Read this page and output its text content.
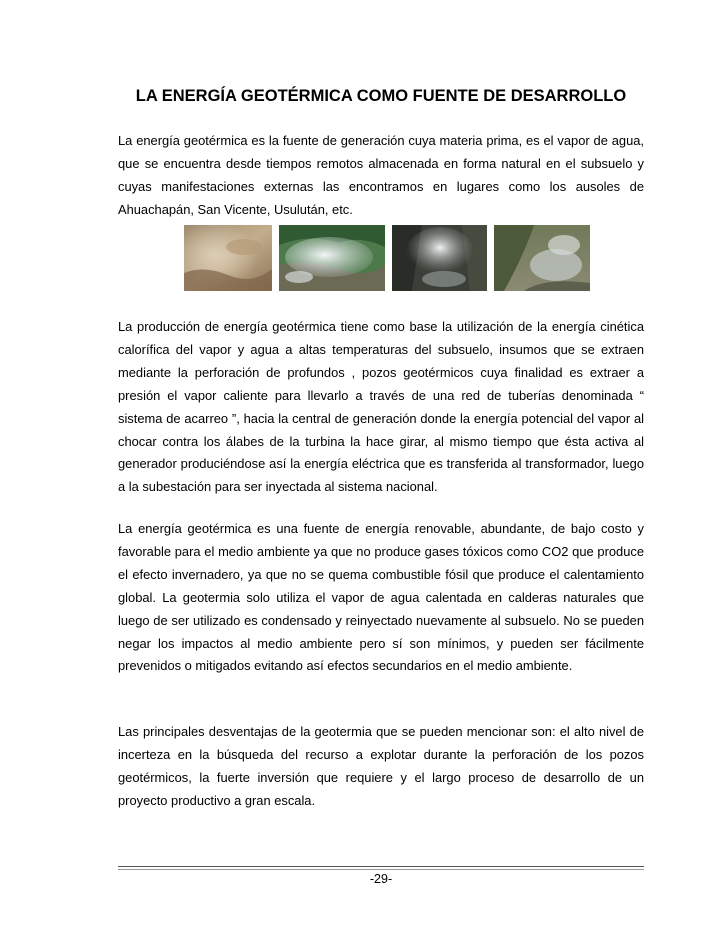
LA ENERGÍA GEOTÉRMICA COMO FUENTE DE DESARROLLO

La energía geotérmica es la fuente de generación cuya materia prima, es el vapor de agua, que se encuentra desde tiempos remotos almacenada en forma natural en el subsuelo y cuyas manifestaciones externas las encontramos en lugares como los ausoles de Ahuachapán, San Vicente, Usulután, etc.

La producción de energía geotérmica tiene como base la utilización de la energía cinética calorífica del vapor y agua a altas temperaturas del subsuelo, insumos que se extraen mediante la perforación de profundos , pozos geotérmicos cuya finalidad es extraer a presión el vapor caliente para llevarlo a través de una red de tuberías denominada “ sistema de acarreo ”, hacia la central de generación donde la energía potencial del vapor al chocar contra los álabes de la turbina la hace girar, al mismo tiempo que ésta activa al generador produciéndose así la energía eléctrica que es transferida al transformador, luego a la subestación para ser inyectada al sistema nacional.

La energía geotérmica es una fuente de energía renovable, abundante, de bajo costo y favorable para el medio ambiente ya que no produce gases tóxicos como CO2 que produce el efecto invernadero, ya que no se quema combustible fósil que produce el calentamiento global. La geotermia solo utiliza el vapor de agua calentada en calderas naturales que luego de ser utilizado es condensado y reinyectado nuevamente al subsuelo. No se pueden negar los impactos al medio ambiente pero sí son mínimos, y pueden ser fácilmente prevenidos o mitigados evitando así efectos secundarios en el medio ambiente.

Las principales desventajas de la geotermia que se pueden mencionar son: el alto nivel de incerteza en la búsqueda del recurso a explotar durante la perforación de los pozos geotérmicos, la fuerte inversión que requiere y el largo proceso de desarrollo de un proyecto productivo a gran escala.

-29-
